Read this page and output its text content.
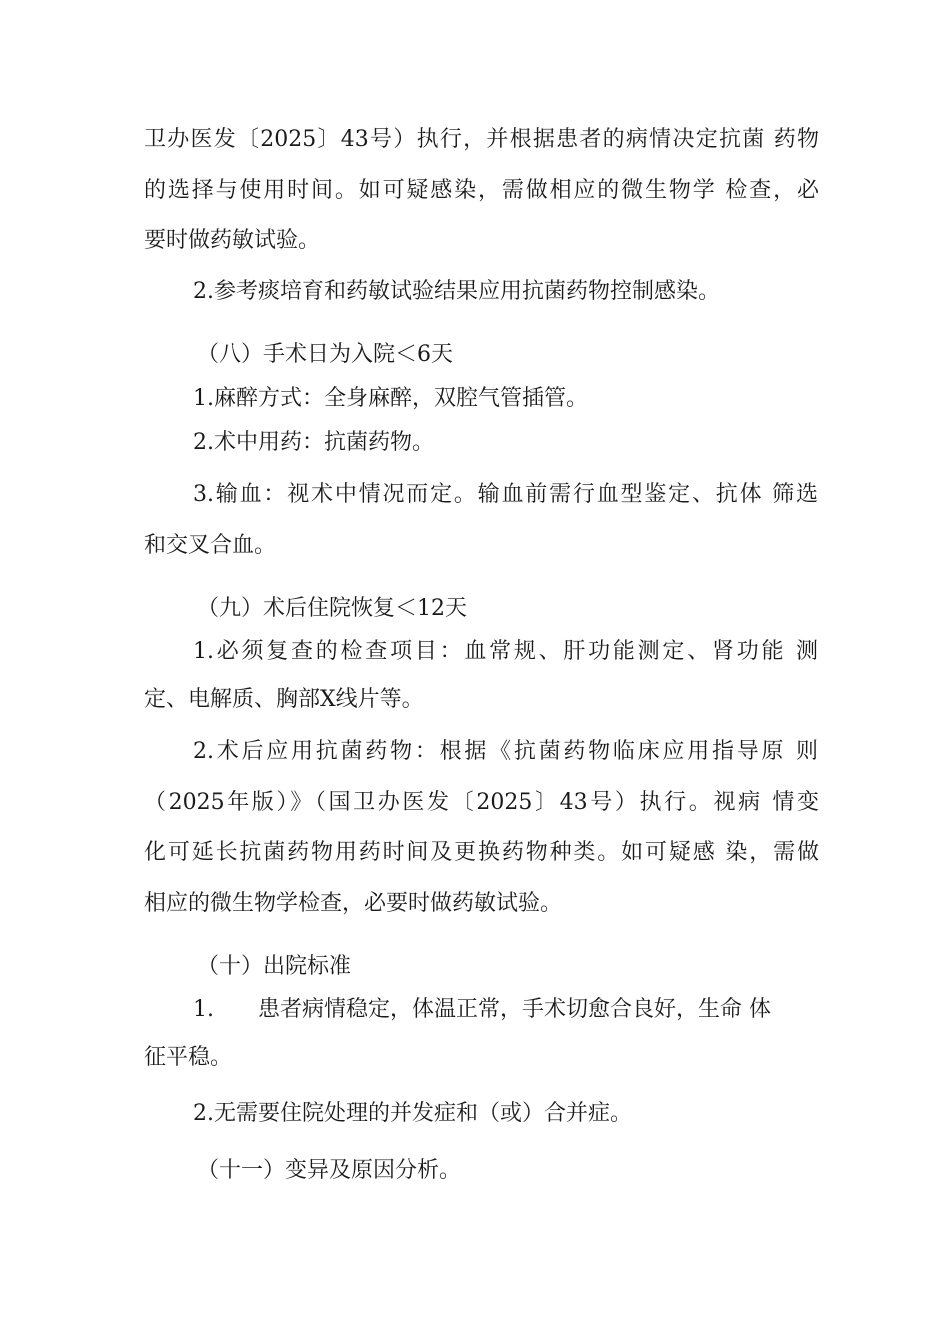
卫办医发〔2025〕43号）执行，并根据患者的病情决定抗菌 药物
的选择与使用时间。如可疑感染，需做相应的微生物学 检查，必
要时做药敏试验。
2.参考痰培育和药敏试验结果应用抗菌药物控制感染。
（八）手术日为入院＜6天
1.麻醉方式：全身麻醉，双腔气管插管。
2.术中用药：抗菌药物。
3.输血：视术中情况而定。输血前需行血型鉴定、抗体 筛选
和交叉合血。
（九）术后住院恢复＜12天
1.必须复查的检查项目：血常规、肝功能测定、肾功能 测
定、电解质、胸部X线片等。
2.术后应用抗菌药物：根据《抗菌药物临床应用指导原 则
（2025年版）》（国卫办医发〔2025〕43号）执行。视病 情变
化可延长抗菌药物用药时间及更换药物种类。如可疑感 染，需做
相应的微生物学检查，必要时做药敏试验。
（十）出院标准
1. 患者病情稳定，体温正常，手术切愈合良好，生命 体
征平稳。
2.无需要住院处理的并发症和（或）合并症。
（十一）变异及原因分析。
